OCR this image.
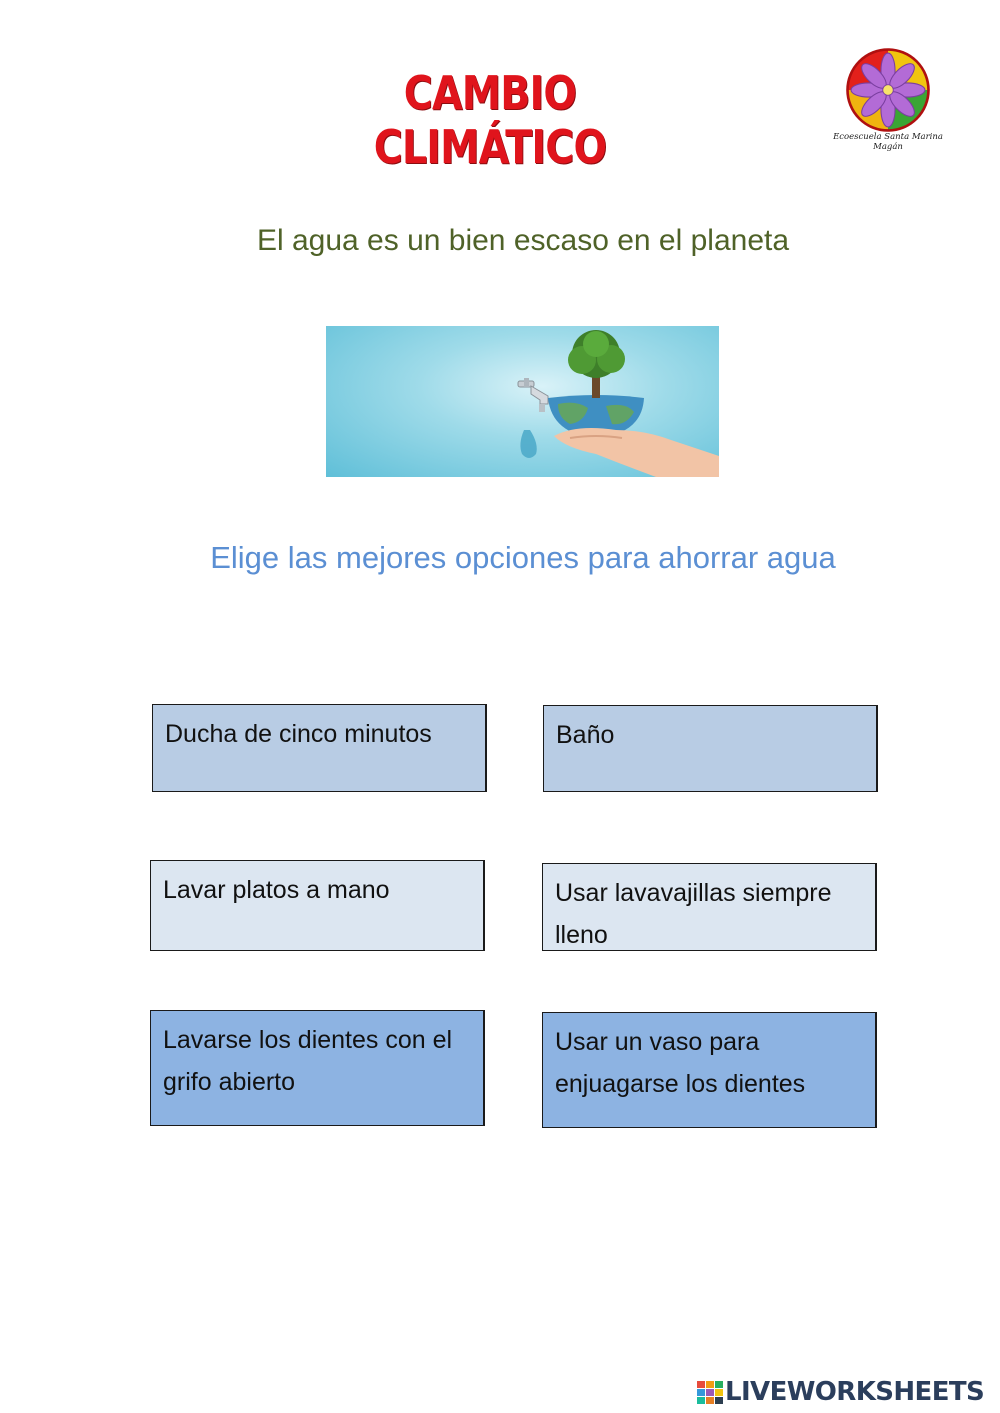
CAMBIO CLIMÁTICO	Ecoescuela Santa Marina
Magán
El agua es un bien escaso en el planeta
Elige las mejores opciones para ahorrar agua
Ducha de cinco minutos	Baño
Lavar platos a mano	Usar lavavajillas siempre lleno
Lavarse los dientes con el grifo abierto
Usar un vaso para enjuagarse los dientes
LIVEWORKSHEETS
